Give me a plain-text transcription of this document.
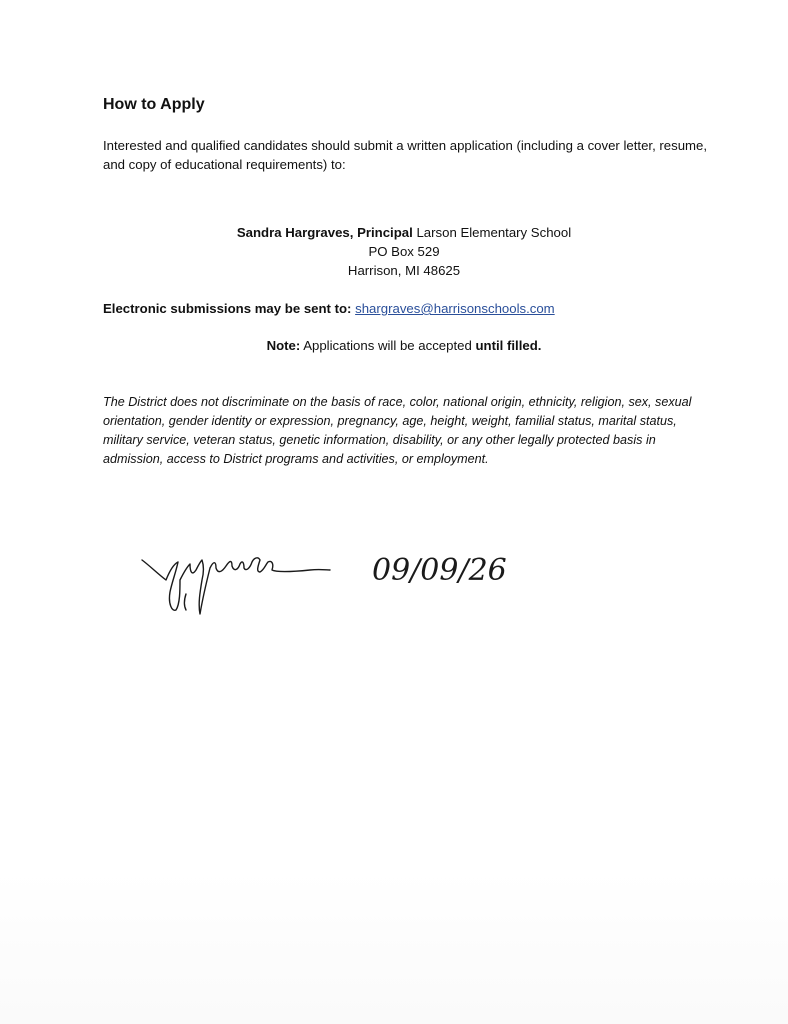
How to Apply

Interested and qualified candidates should submit a written application (including a cover letter, resume, and copy of educational requirements) to:

Sandra Hargraves, Principal Larson Elementary School
PO Box 529
Harrison, MI 48625
Electronic submissions may be sent to: shargraves@harrisonschools.com
Note: Applications will be accepted until filled.

The District does not discriminate on the basis of race, color, national origin, ethnicity, religion, sex, sexual orientation, gender identity or expression, pregnancy, age, height, weight, familial status, marital status, military service, veteran status, genetic information, disability, or any other legally protected basis in admission, access to District programs and activities, or employment.

09/09/26
